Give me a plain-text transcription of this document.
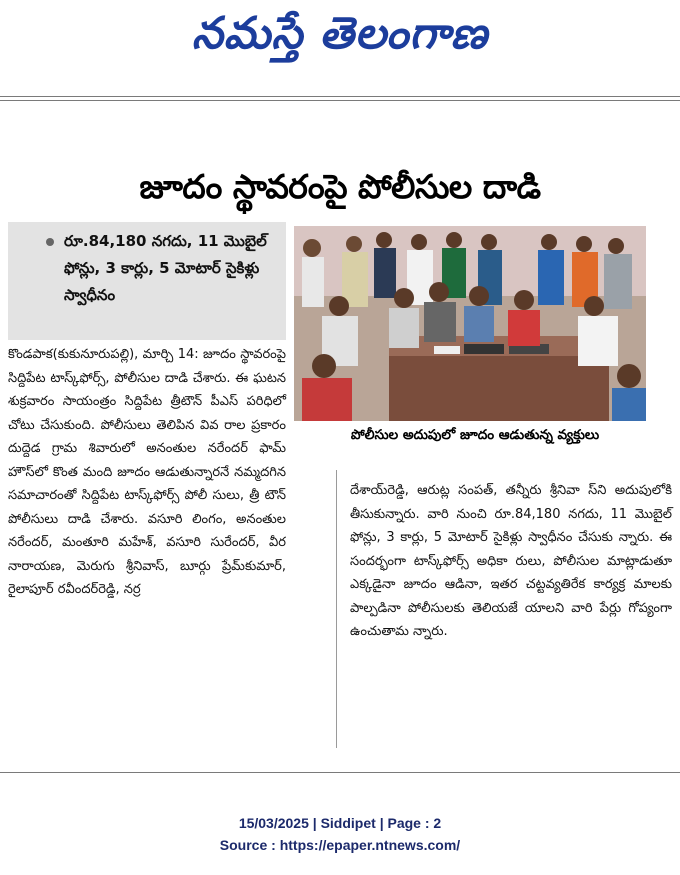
నమస్తే తెలంగాణ
జూదం స్థావరంపై పోలీసుల దాడి

రూ.84,180 నగదు, 11 మొబైల్ ఫోన్లు, 3 కార్లు, 5 మోటార్ సైకిళ్లు స్వాధీనం

పోలీసుల అదుపులో జూదం ఆడుతున్న వ్యక్తులు

కొండపాక(కుకునూరుపల్లి), మార్చి 14: జూదం స్థావరంపై సిద్దిపేట టాస్క్‌ఫోర్స్, పోలీసుల దాడి చేశారు. ఈ ఘటన శుక్రవారం సాయంత్రం సిద్దిపేట త్రీటౌన్ పీఎస్ పరిధిలో చోటు చేసుకుంది. పోలీసులు తెలిపిన వివ రాల ప్రకారం దుద్దెడ గ్రామ శివారులో అనంతుల నరేందర్ ఫామ్ హౌస్‌లో కొంత మంది జూదం ఆడుతున్నారనే నమ్మదగిన సమాచారంతో సిద్దిపేట టాస్క్‌ఫోర్స్ పోలీ సులు, త్రీ టౌన్ పోలీసులు దాడి చేశారు. వసూరి లింగం, అనంతుల నరేందర్, మంతూరి మహేశ్, వసూరి సురేందర్, వీర నారాయణ, మెరుగు శ్రీనివాస్, బూర్గు ప్రేమ్‌కుమార్, రైలాపూర్ రవీందర్‌రెడ్డి, నర్ర

దేశాయ్‌రెడ్డి, ఆరుట్ల సంపత్, తన్నీరు శ్రీనివా స్‌ని అదుపులోకి తీసుకున్నారు. వారి నుంచి రూ.84,180 నగదు, 11 మొబైల్ ఫోన్లు, 3 కార్లు, 5 మోటార్ సైకిళ్లు స్వాధీనం చేసుకు న్నారు. ఈ సందర్భంగా టాస్క్‌ఫోర్స్ అధికా రులు, పోలీసుల మాట్లాడుతూ ఎక్కడైనా జూదం ఆడినా, ఇతర చట్టవ్యతిరేక కార్యక్ర మాలకు పాల్పడినా పోలీసులకు తెలియజే యాలని వారి పేర్లు గోప్యంగా ఉంచుతామ న్నారు.

15/03/2025 | Siddipet | Page : 2
Source : https://epaper.ntnews.com/
